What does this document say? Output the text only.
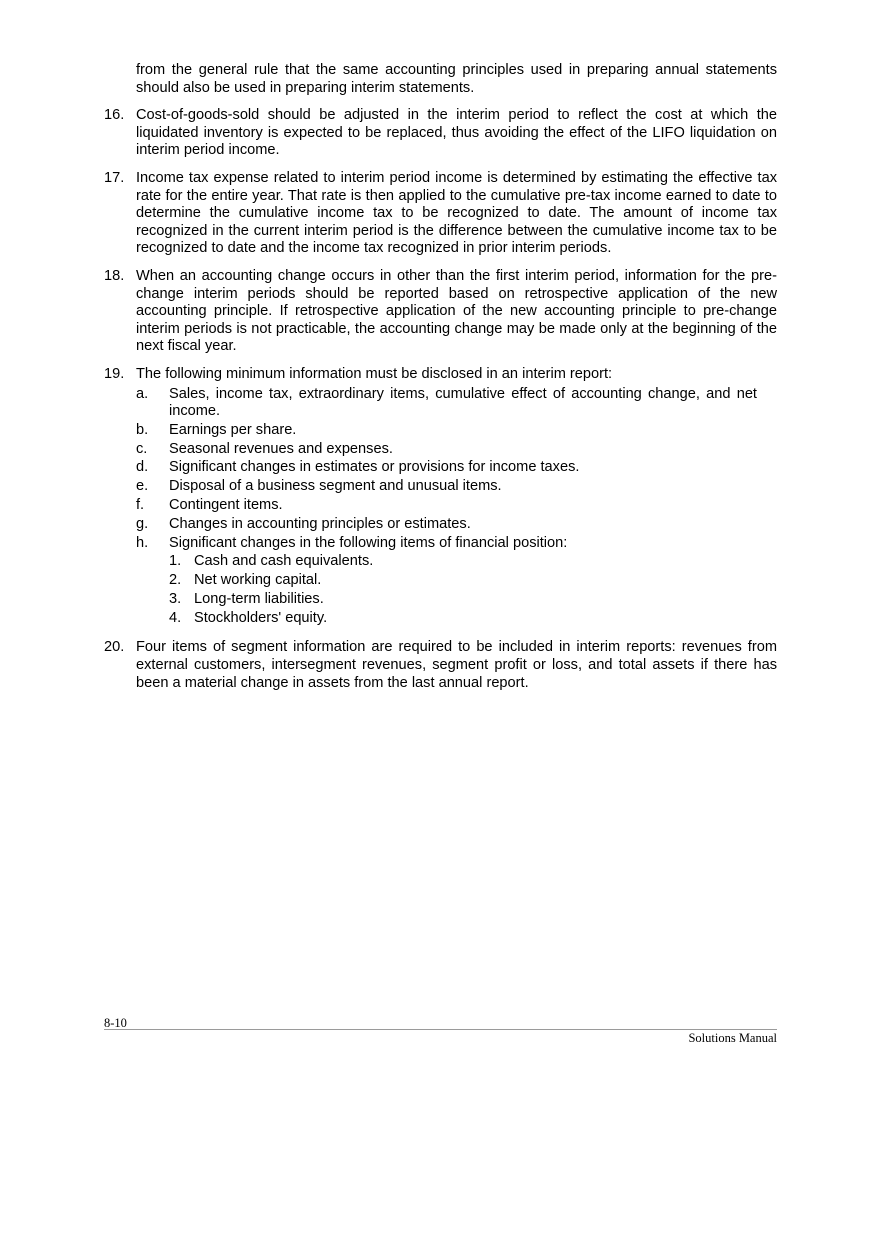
from the general rule that the same accounting principles used in preparing annual statements should also be used in preparing interim statements.

16. Cost-of-goods-sold should be adjusted in the interim period to reflect the cost at which the liquidated inventory is expected to be replaced, thus avoiding the effect of the LIFO liquidation on interim period income.
17. Income tax expense related to interim period income is determined by estimating the effective tax rate for the entire year. That rate is then applied to the cumulative pre-tax income earned to date to determine the cumulative income tax to be recognized to date. The amount of income tax recognized in the current interim period is the difference between the cumulative income tax to be recognized to date and the income tax recognized in prior interim periods.
18. When an accounting change occurs in other than the first interim period, information for the pre-change interim periods should be reported based on retrospective application of the new accounting principle. If retrospective application of the new accounting principle to pre-change interim periods is not practicable, the accounting change may be made only at the beginning of the next fiscal year.
19. The following minimum information must be disclosed in an interim report:
a.	Sales, income tax, extraordinary items, cumulative effect of accounting change, and net income.
b.	Earnings per share.
c.	Seasonal revenues and expenses.
d.	Significant changes in estimates or provisions for income taxes.
e.	Disposal of a business segment and unusual items.
f.	Contingent items.
g.	Changes in accounting principles or estimates.
h.	Significant changes in the following items of financial position:
1. Cash and cash equivalents.
2. Net working capital.
3. Long-term liabilities.
4. Stockholders' equity.
20. Four items of segment information are required to be included in interim reports: revenues from external customers, intersegment revenues, segment profit or loss, and total assets if there has been a material change in assets from the last annual report.
8-10
Solutions Manual
